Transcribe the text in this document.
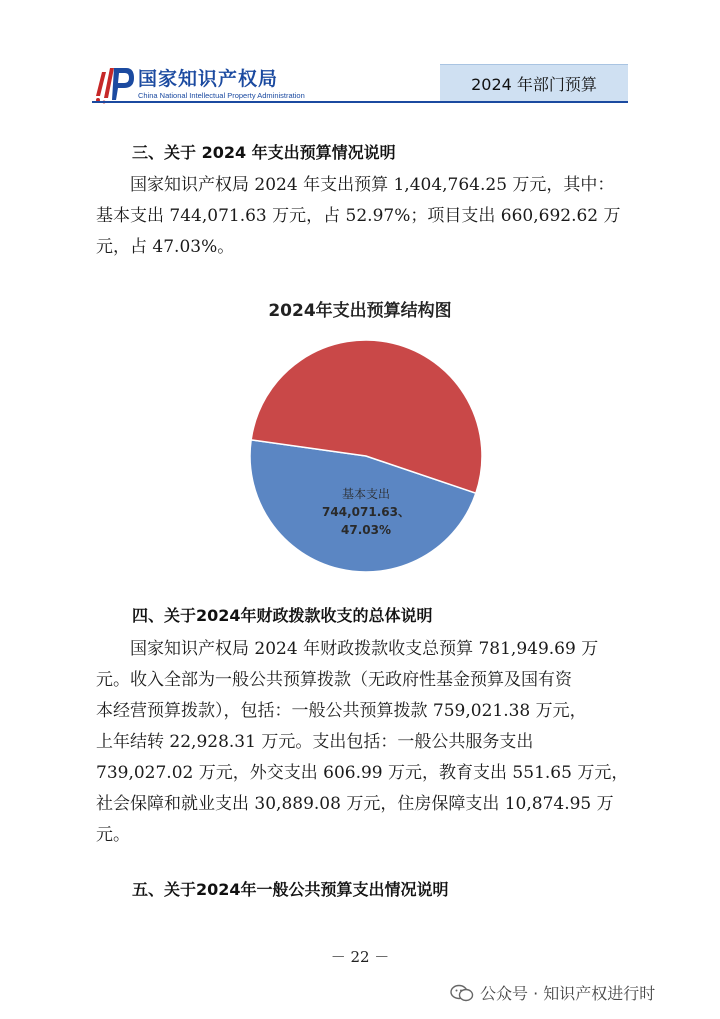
国家知识产权局
China National Intellectual Property Administration
2024 年部门预算
三、关于 2024 年支出预算情况说明
国家知识产权局 2024 年支出预算 1,404,764.25 万元，其中：
基本支出 744,071.63 万元，占 52.97%；项目支出 660,692.62 万
元，占 47.03%。
2024年支出预算结构图
基本支出
744,071.63、
47.03%
四、关于2024年财政拨款收支的总体说明
国家知识产权局 2024 年财政拨款收支总预算 781,949.69 万
元。收入全部为一般公共预算拨款（无政府性基金预算及国有资
本经营预算拨款），包括：一般公共预算拨款 759,021.38 万元，
上年结转 22,928.31 万元。支出包括：一般公共服务支出
739,027.02 万元，外交支出 606.99 万元，教育支出 551.65 万元，
社会保障和就业支出 30,889.08 万元，住房保障支出 10,874.95 万
元。
五、关于2024年一般公共预算支出情况说明
－ 22 －
公众号 · 知识产权进行时
